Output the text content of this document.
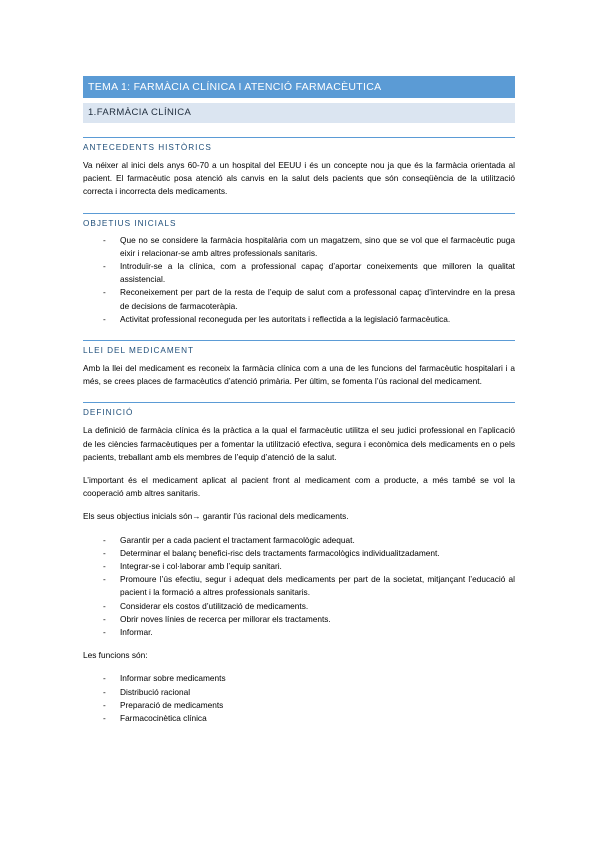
TEMA 1: FARMÀCIA CLÍNICA I ATENCIÓ FARMACÈUTICA
1.FARMÀCIA CLÍNICA
ANTECEDENTS HISTÒRICS

Va néixer al inici dels anys 60-70 a un hospital del EEUU i és un concepte nou ja que és la farmàcia orientada al pacient. El farmacèutic posa atenció als canvis en la salut dels pacients que són conseqüència de la utilització correcta i incorrecta dels medicaments.

OBJETIUS INICIALS
- Que no se considere la farmàcia hospitalària com un magatzem, sino que se vol que el farmacèutic puga eixir i relacionar-se amb altres professionals sanitaris.
- Introduïr-se a la clínica, com a professional capaç d’aportar coneixements que milloren la qualitat assistencial.
- Reconeixement per part de la resta de l’equip de salut com a professonal capaç d’intervindre en la presa de decisions de farmacoteràpia.
- Activitat professional reconeguda per les autoritats i reflectida a la legislació farmacèutica.
LLEI DEL MEDICAMENT

Amb la llei del medicament es reconeix la farmàcia clínica com a una de les funcions del farmacèutic hospitalari i a més, se crees places de farmacèutics d’atenció primària. Per últim, se fomenta l’ús racional del medicament.

DEFINICIÓ

La definició de farmàcia clínica és la pràctica a la qual el farmacèutic utilitza el seu judici professional en l’aplicació de les ciències farmacèutiques per a fomentar la utilització efectiva, segura i econòmica dels medicaments en o pels pacients, treballant amb els membres de l’equip d’atenció de la salut.

L’important és el medicament aplicat al pacient front al medicament com a producte, a més també se vol la cooperació amb altres sanitaris.

Els seus objectius inicials són→ garantir l’ús racional dels medicaments.

- Garantir per a cada pacient el tractament farmacològic adequat.
- Determinar el balanç benefici-risc dels tractaments farmacològics individualitzadament.
- Integrar-se i col·laborar amb l’equip sanitari.
- Promoure l’ús efectiu, segur i adequat dels medicaments per part de la societat, mitjançant l’educació al pacient i la formació a altres professionals sanitaris.
- Considerar els costos d’utilització de medicaments.
- Obrir noves línies de recerca per millorar els tractaments.
- Informar.

Les funcions són:

- Informar sobre medicaments
- Distribució racional
- Preparació de medicaments
- Farmacocinètica clínica
